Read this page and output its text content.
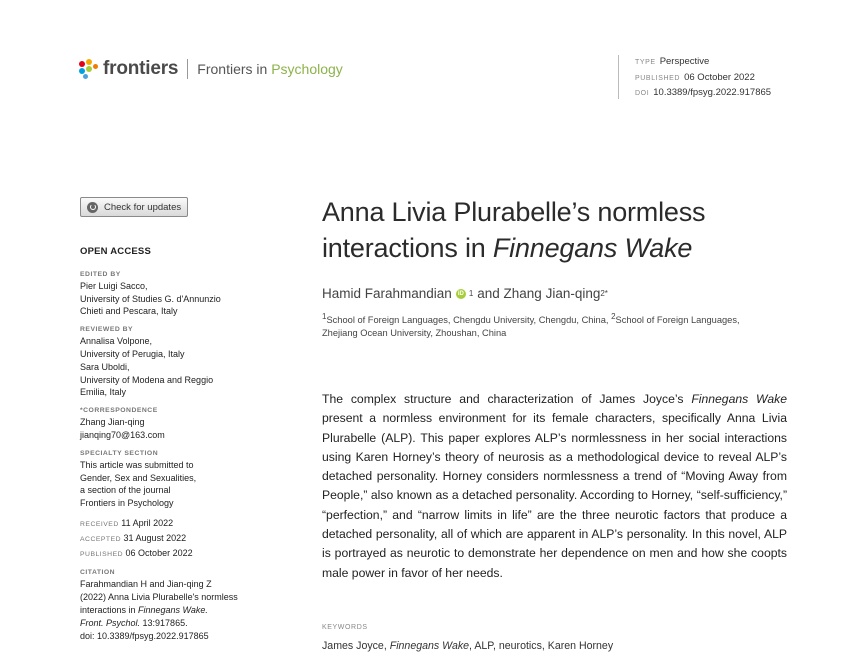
frontiers Frontiers in Psychology	TYPE Perspective
PUBLISHED 06 October 2022
DOI 10.3389/fpsyg.2022.917865
Check for updates
OPEN ACCESS
EDITED BY
Pier Luigi Sacco,
University of Studies G. d'Annunzio
Chieti and Pescara, Italy
REVIEWED BY
Annalisa Volpone,
University of Perugia, Italy
Sara Uboldi,
University of Modena and Reggio
Emilia, Italy
*CORRESPONDENCE
Zhang Jian-qing
jianqing70@163.com
SPECIALTY SECTION
This article was submitted to
Gender, Sex and Sexualities,
a section of the journal
Frontiers in Psychology
RECEIVED 11 April 2022
ACCEPTED 31 August 2022
PUBLISHED 06 October 2022
CITATION
Farahmandian H and Jian-qing Z
(2022) Anna Livia Plurabelle's normless
interactions in Finnegans Wake.
Front. Psychol. 13:917865.
doi: 10.3389/fpsyg.2022.917865
Anna Livia Plurabelle’s normless
interactions in Finnegans Wake
Hamid Farahmandian	iD 1 and Zhang Jian-qing 2*
$^1$School of Foreign Languages, Chengdu University, Chengdu, China, $^2$School of Foreign Languages, Zhejiang Ocean University, Zhoushan, China
The complex structure and characterization of James Joyce’s Finnegans Wake present a normless environment for its female characters, specifically Anna Livia Plurabelle (ALP). This paper explores ALP’s normlessness in her social interactions using Karen Horney’s theory of neurosis as a methodological device to reveal ALP’s detached personality. Horney considers normlessness a trend of “Moving Away from People,” also known as a detached personality. According to Horney, “self-sufficiency,” “perfection,” and “narrow limits in life” are the three neurotic factors that produce a detached personality, all of which are apparent in ALP’s personality. In this novel, ALP is portrayed as neurotic to demonstrate her dependence on men and how she coopts male power in favor of her needs.
KEYWORDS
James Joyce, Finnegans Wake, ALP, neurotics, Karen Horney
